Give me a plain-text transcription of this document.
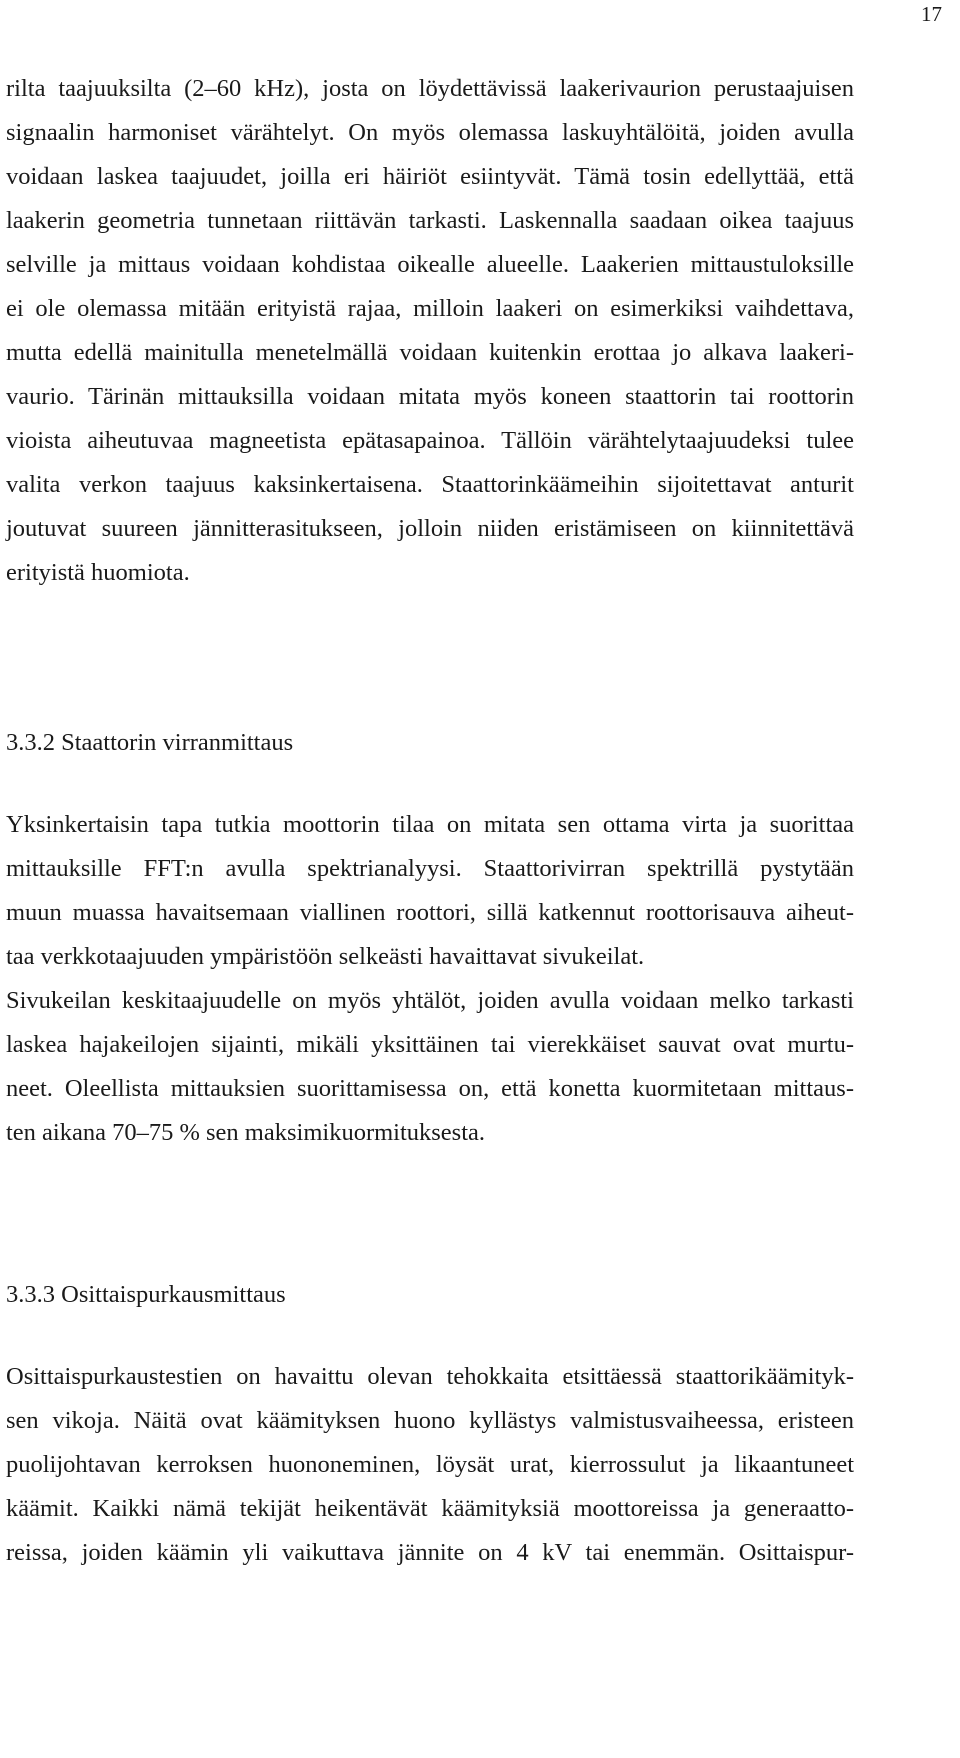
17
rilta taajuuksilta (2–60 kHz), josta on löydettävissä laakerivaurion perustaajuisen
signaalin harmoniset värähtelyt. On myös olemassa laskuyhtälöitä, joiden avulla
voidaan laskea taajuudet, joilla eri häiriöt esiintyvät. Tämä tosin edellyttää, että
laakerin geometria tunnetaan riittävän tarkasti. Laskennalla saadaan oikea taajuus
selville ja mittaus voidaan kohdistaa oikealle alueelle. Laakerien mittaustuloksille
ei ole olemassa mitään erityistä rajaa, milloin laakeri on esimerkiksi vaihdettava,
mutta edellä mainitulla menetelmällä voidaan kuitenkin erottaa jo alkava laakeri-
vaurio. Tärinän mittauksilla voidaan mitata myös koneen staattorin tai roottorin
vioista aiheutuvaa magneetista epätasapainoa. Tällöin värähtelytaajuudeksi tulee
valita verkon taajuus kaksinkertaisena. Staattorinkäämeihin sijoitettavat anturit
joutuvat suureen jännitterasitukseen, jolloin niiden eristämiseen on kiinnitettävä
erityistä huomiota.
3.3.2 Staattorin virranmittaus
Yksinkertaisin tapa tutkia moottorin tilaa on mitata sen ottama virta ja suorittaa
mittauksille FFT:n avulla spektrianalyysi. Staattorivirran spektrillä pystytään
muun muassa havaitsemaan viallinen roottori, sillä katkennut roottorisauva aiheut-
taa verkkotaajuuden ympäristöön selkeästi havaittavat sivukeilat.
Sivukeilan keskitaajuudelle on myös yhtälöt, joiden avulla voidaan melko tarkasti
laskea hajakeilojen sijainti, mikäli yksittäinen tai vierekkäiset sauvat ovat murtu-
neet. Oleellista mittauksien suorittamisessa on, että konetta kuormitetaan mittaus-
ten aikana 70–75 % sen maksimikuormituksesta.
3.3.3 Osittaispurkausmittaus
Osittaispurkaustestien on havaittu olevan tehokkaita etsittäessä staattorikäämityk-
sen vikoja. Näitä ovat käämityksen huono kyllästys valmistusvaiheessa, eristeen
puolijohtavan kerroksen huononeminen, löysät urat, kierrossulut ja likaantuneet
käämit. Kaikki nämä tekijät heikentävät käämityksiä moottoreissa ja generaatto-
reissa, joiden käämin yli vaikuttava jännite on 4 kV tai enemmän. Osittaispur-
